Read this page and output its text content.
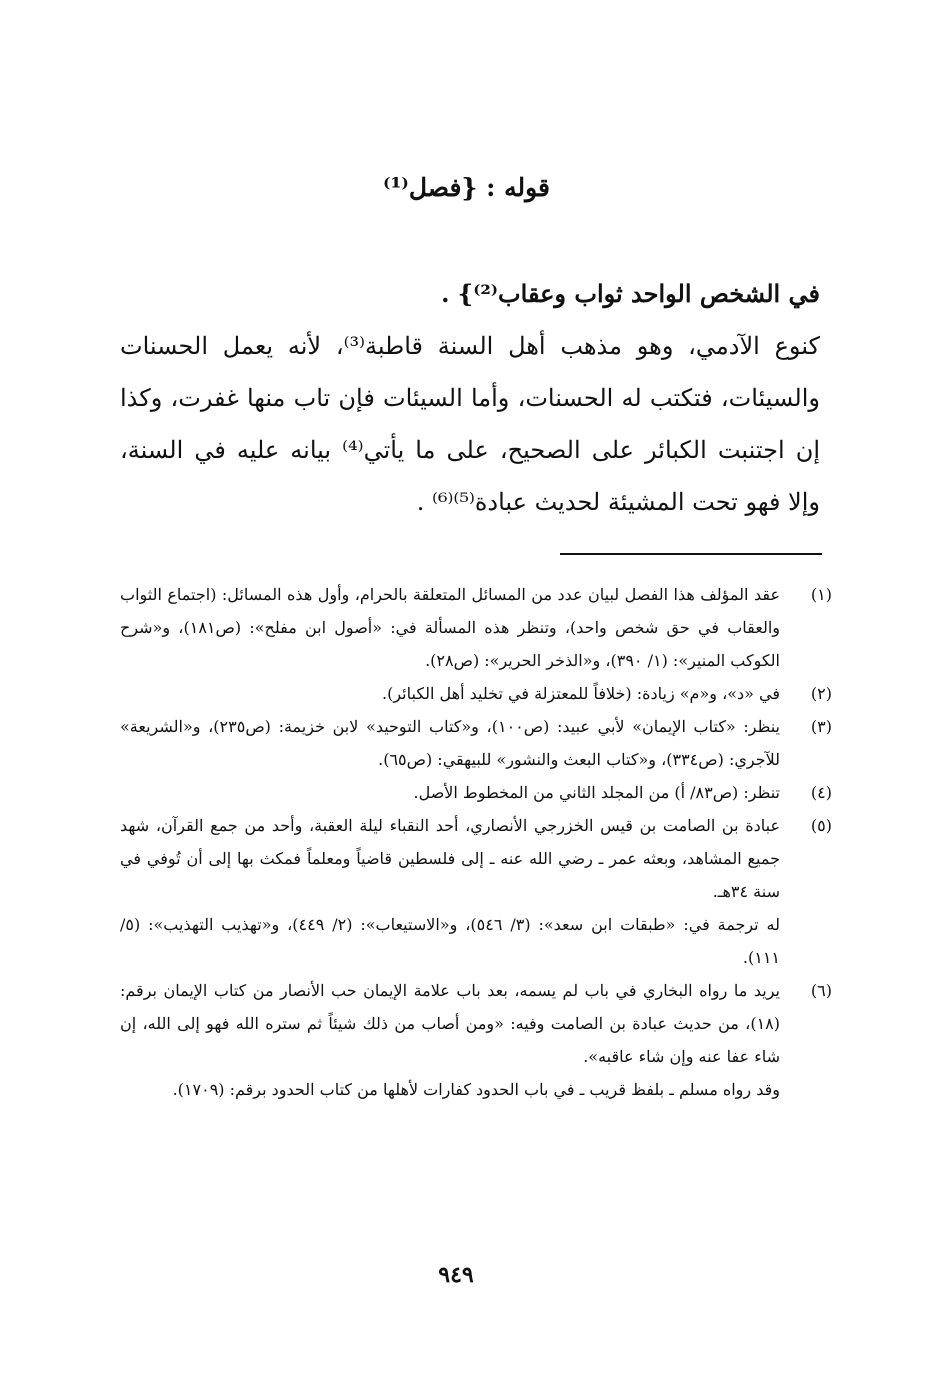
قوله : {فصل⁽¹⁾

في الشخص الواحد ثواب وعقاب⁽²⁾} .

كنوع الآدمي، وهو مذهب أهل السنة قاطبة⁽³⁾، لأنه يعمل الحسنات والسيئات، فتكتب له الحسنات، وأما السيئات فإن تاب منها غفرت، وكذا إن اجتنبت الكبائر على الصحيح، على ما يأتي⁽⁴⁾ بيانه عليه في السنة، وإلا فهو تحت المشيئة لحديث عبادة⁽⁵⁾⁽⁶⁾ .

(١)
عقد المؤلف هذا الفصل لبيان عدد من المسائل المتعلقة بالحرام، وأول هذه المسائل: (اجتماع الثواب والعقاب في حق شخص واحد)، وتنظر هذه المسألة في: «أصول ابن مفلح»: (ص١٨١)، و«شرح الكوكب المنير»: (١/ ٣٩٠)، و«الذخر الحرير»: (ص٢٨).
(٢)
في «د»، و«م» زيادة: (خلافاً للمعتزلة في تخليد أهل الكبائر).
(٣)
ينظر: «كتاب الإيمان» لأبي عبيد: (ص١٠٠)، و«كتاب التوحيد» لابن خزيمة: (ص٢٣٥)، و«الشريعة» للآجري: (ص٣٣٤)، و«كتاب البعث والنشور» للبيهقي: (ص٦٥).
(٤)
تنظر: (ص٨٣/ أ) من المجلد الثاني من المخطوط الأصل.
(٥)
عبادة بن الصامت بن قيس الخزرجي الأنصاري، أحد النقباء ليلة العقبة، وأحد من جمع القرآن، شهد جميع المشاهد، وبعثه عمر ـ رضي الله عنه ـ إلى فلسطين قاضياً ومعلماً فمكث بها إلى أن تُوفي في سنة ٣٤هـ.
له ترجمة في: «طبقات ابن سعد»: (٣/ ٥٤٦)، و«الاستيعاب»: (٢/ ٤٤٩)، و«تهذيب التهذيب»: (٥/ ١١١).
(٦)
يريد ما رواه البخاري في باب لم يسمه، بعد باب علامة الإيمان حب الأنصار من كتاب الإيمان برقم: (١٨)، من حديث عبادة بن الصامت وفيه: «ومن أصاب من ذلك شيئاً ثم ستره الله فهو إلى الله، إن شاء عفا عنه وإن شاء عاقبه».
وقد رواه مسلم ـ بلفظ قريب ـ في باب الحدود كفارات لأهلها من كتاب الحدود برقم: (١٧٠٩).
٩٤٩
